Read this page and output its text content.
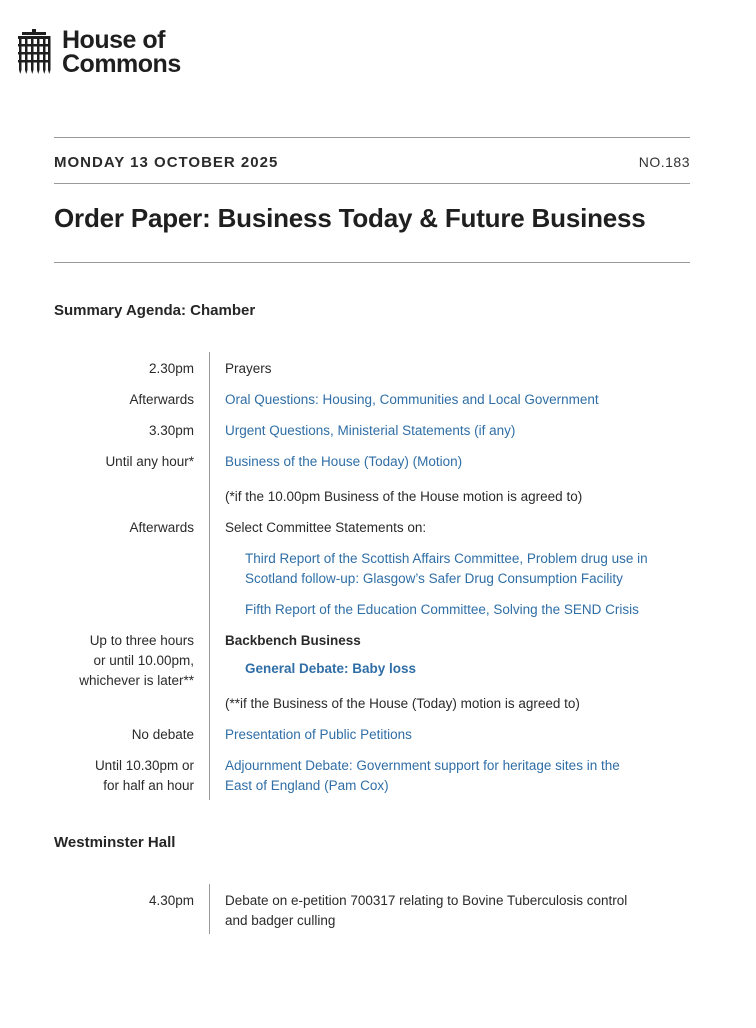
House of
Commons
MONDAY 13 OCTOBER 2025	NO.183
Order Paper: Business Today & Future Business
Summary Agenda: Chamber
2.30pm Prayers
Afterwards Oral Questions: Housing, Communities and Local Government
3.30pm Urgent Questions, Ministerial Statements (if any)
Until any hour* Business of the House (Today) (Motion)
(*if the 10.00pm Business of the House motion is agreed to)
Afterwards Select Committee Statements on:
Third Report of the Scottish Affairs Committee, Problem drug use in
Scotland follow-up: Glasgow’s Safer Drug Consumption Facility
Fifth Report of the Education Committee, Solving the SEND Crisis
Up to three hours
or until 10.00pm,
whichever is later**
Backbench Business
General Debate: Baby loss
(**if the Business of the House (Today) motion is agreed to)
No debate Presentation of Public Petitions
Until 10.30pm or
for half an hour
Adjournment Debate: Government support for heritage sites in the
East of England (Pam Cox)
Westminster Hall
4.30pm Debate on e-petition 700317 relating to Bovine Tuberculosis control
and badger culling
